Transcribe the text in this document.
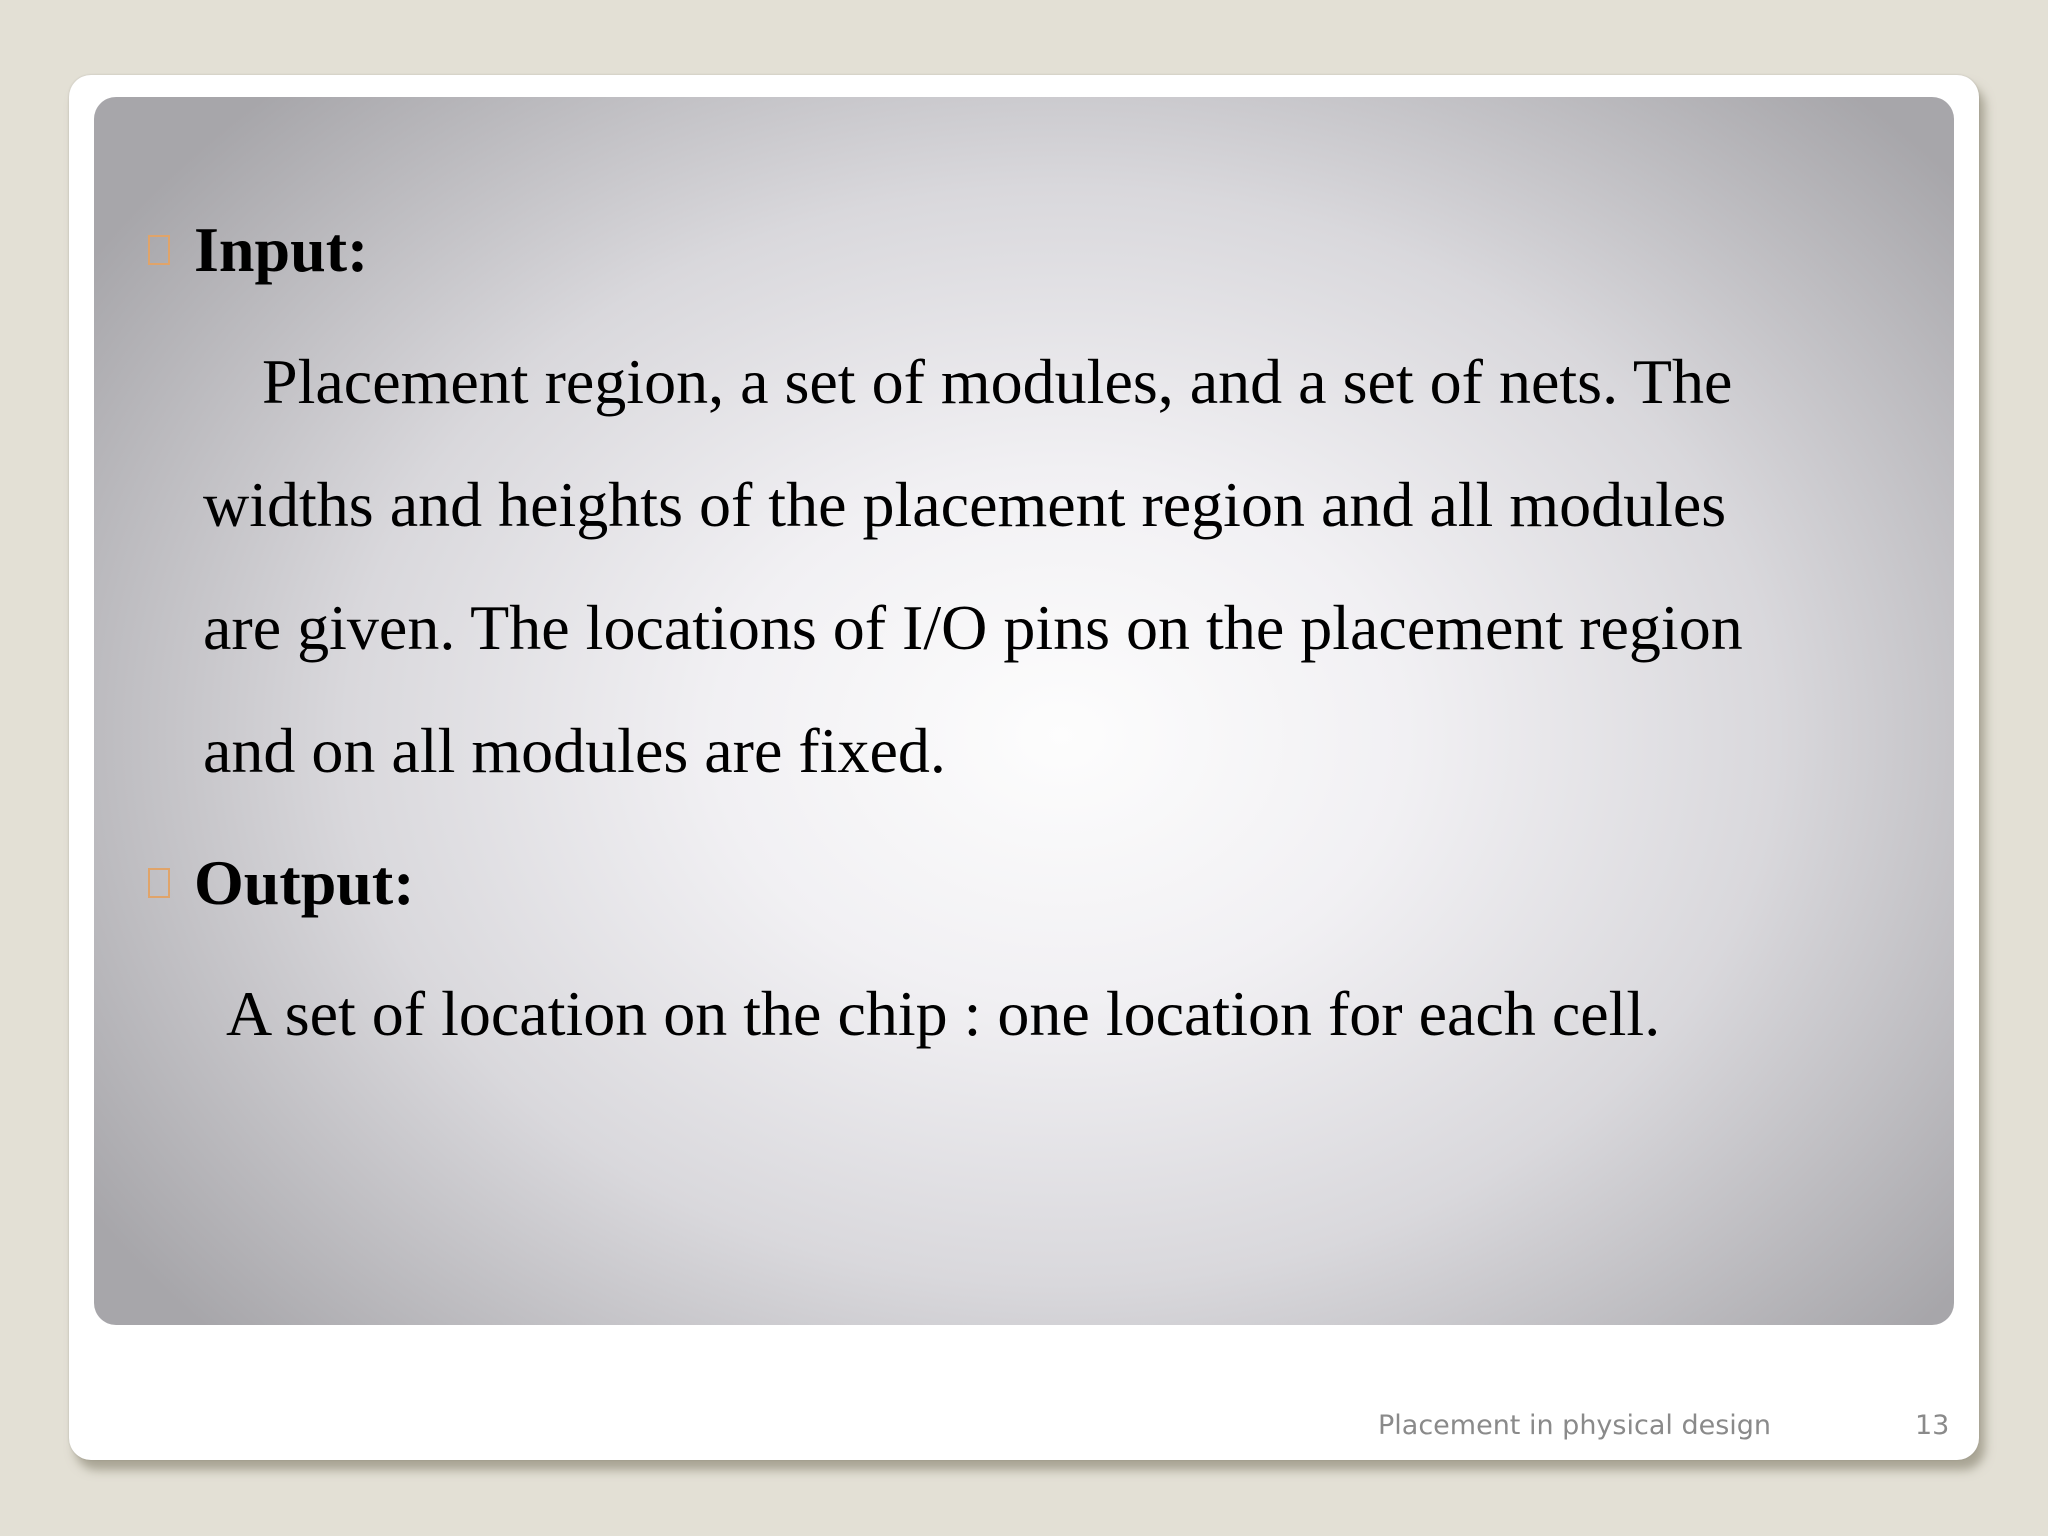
Input:
Placement region, a set of modules, and a set of nets. The
widths and heights of the placement region and all modules
are given. The locations of I/O pins on the placement region
and on all modules are fixed.
Output:
A set of location on the chip : one location for each cell.
Placement in physical design	13
